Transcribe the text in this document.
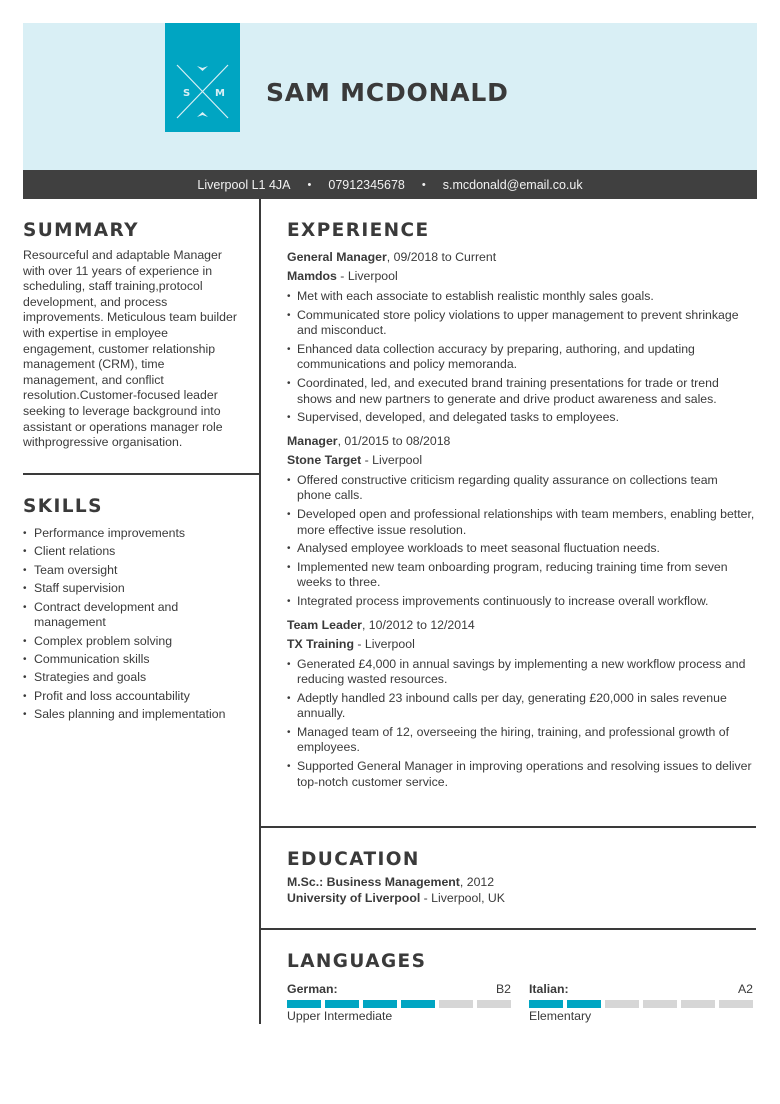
S M SAM MCDONALD
Liverpool L1 4JA • 07912345678 • s.mcdonald@email.co.uk
SUMMARY

Resourceful and adaptable Manager with over 11 years of experience in scheduling, staff training,protocol development, and process improvements. Meticulous team builder with expertise in employee engagement, customer relationship management (CRM), time management, and conflict resolution.Customer-focused leader seeking to leverage background into assistant or operations manager role withprogressive organisation.

SKILLS
• Performance improvements
• Client relations
• Team oversight
• Staff supervision
• Contract development and management
• Complex problem solving
• Communication skills
• Strategies and goals
• Profit and loss accountability
• Sales planning and implementation
EXPERIENCE
General Manager, 09/2018 to Current
Mamdos - Liverpool
• Met with each associate to establish realistic monthly sales goals.
• Communicated store policy violations to upper management to prevent shrinkage and misconduct.
• Enhanced data collection accuracy by preparing, authoring, and updating communications and policy memoranda.
• Coordinated, led, and executed brand training presentations for trade or trend shows and new partners to generate and drive product awareness and sales.
• Supervised, developed, and delegated tasks to employees.
Manager, 01/2015 to 08/2018
Stone Target - Liverpool
• Offered constructive criticism regarding quality assurance on collections team phone calls.
• Developed open and professional relationships with team members, enabling better, more effective issue resolution.
• Analysed employee workloads to meet seasonal fluctuation needs.
• Implemented new team onboarding program, reducing training time from seven weeks to three.
• Integrated process improvements continuously to increase overall workflow.
Team Leader, 10/2012 to 12/2014
TX Training - Liverpool
• Generated £4,000 in annual savings by implementing a new workflow process and reducing wasted resources.
• Adeptly handled 23 inbound calls per day, generating £20,000 in sales revenue annually.
• Managed team of 12, overseeing the hiring, training, and professional growth of employees.
• Supported General Manager in improving operations and resolving issues to deliver top-notch customer service.
EDUCATION
M.Sc.: Business Management, 2012
University of Liverpool - Liverpool, UK
LANGUAGES
German:	B2
Upper Intermediate
Italian:	A2
Elementary
